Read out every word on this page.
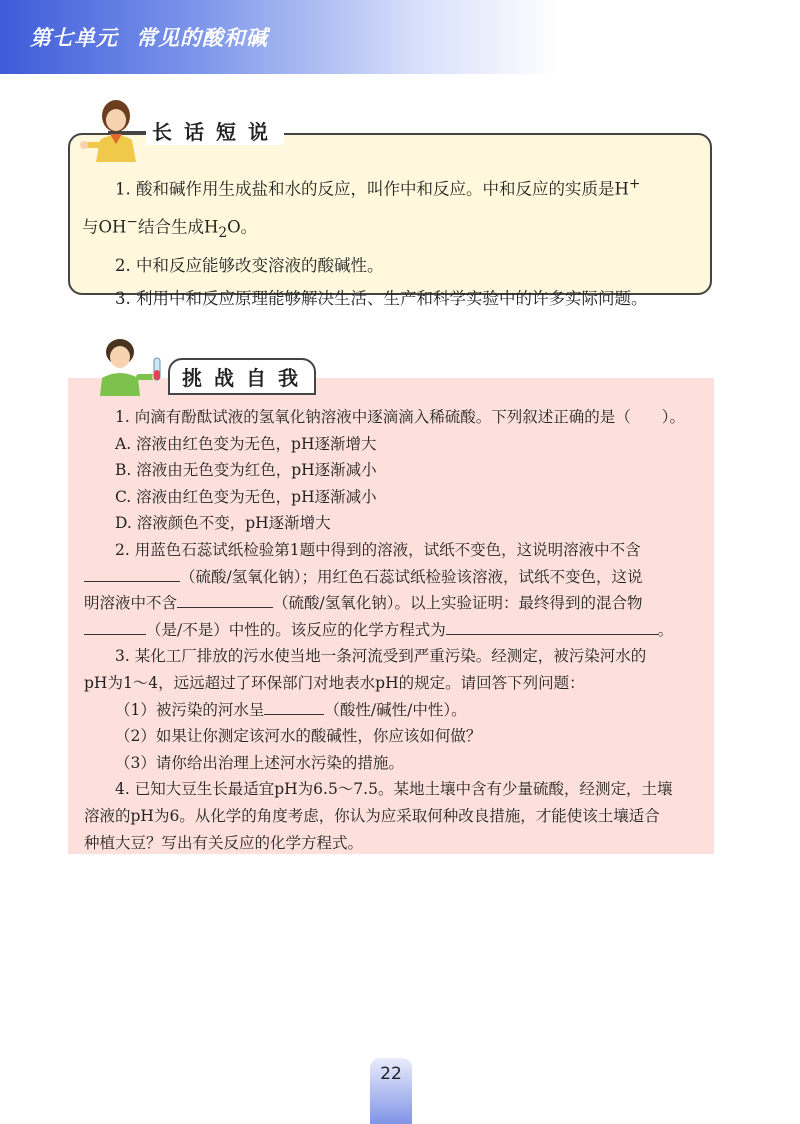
第七单元 常见的酸和碱
长话短说

1. 酸和碱作用生成盐和水的反应，叫作中和反应。中和反应的实质是H+

与OH−结合生成$H_2O$。

2. 中和反应能够改变溶液的酸碱性。

3. 利用中和反应原理能够解决生活、生产和科学实验中的许多实际问题。

挑战自我

1. 向滴有酚酞试液的氢氧化钠溶液中逐滴滴入稀硫酸。下列叙述正确的是（　　）。

A. 溶液由红色变为无色，pH逐渐增大

B. 溶液由无色变为红色，pH逐渐减小

C. 溶液由红色变为无色，pH逐渐减小

D. 溶液颜色不变，pH逐渐增大

2. 用蓝色石蕊试纸检验第1题中得到的溶液，试纸不变色，这说明溶液中不含

（硫酸/氢氧化钠）；用红色石蕊试纸检验该溶液，试纸不变色，这说

明溶液中不含	（硫酸/氢氧化钠）。以上实验证明：最终得到的混合物

（是/不是）中性的。该反应的化学方程式为	。

3. 某化工厂排放的污水使当地一条河流受到严重污染。经测定，被污染河水的

pH为1～4，远远超过了环保部门对地表水pH的规定。请回答下列问题：

（1）被污染的河水呈	（酸性/碱性/中性）。

（2）如果让你测定该河水的酸碱性，你应该如何做？

（3）请你给出治理上述河水污染的措施。

4. 已知大豆生长最适宜pH为6.5～7.5。某地土壤中含有少量硫酸，经测定，土壤

溶液的pH为6。从化学的角度考虑，你认为应采取何种改良措施，才能使该土壤适合

种植大豆？写出有关反应的化学方程式。

22
